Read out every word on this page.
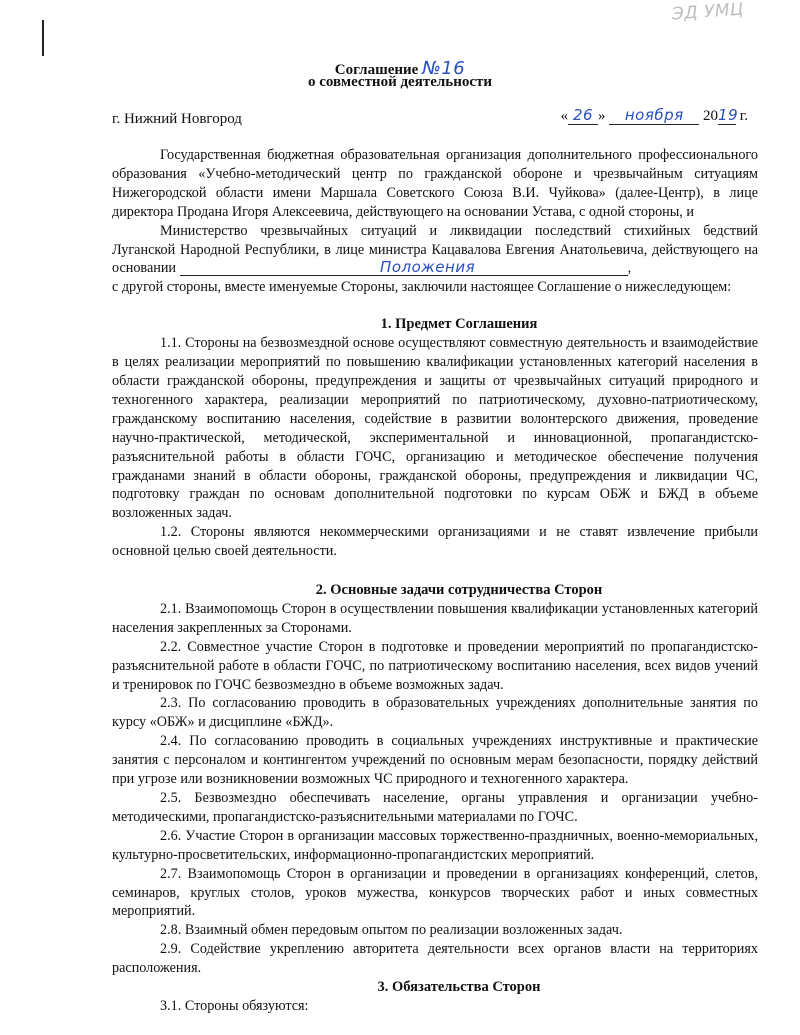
ЭД УМЦ
Соглашение №16
о совместной деятельности
г. Нижний Новгород	« 26 » ноября 2019 г.

Государственная бюджетная образовательная организация дополнительного профессионального образования «Учебно-методический центр по гражданской обороне и чрезвычайным ситуациям Нижегородской области имени Маршала Советского Союза В.И. Чуйкова» (далее-Центр), в лице директора Продана Игоря Алексеевича, действующего на основании Устава, с одной стороны, и

Министерство чрезвычайных ситуаций и ликвидации последствий стихийных бедствий Луганской Народной Республики, в лице министра Кацавалова Евгения Анатольевича, действующего на основании	Положения	,

с другой стороны, вместе именуемые Стороны, заключили настоящее Соглашение о нижеследующем:

1. Предмет Соглашения

1.1. Стороны на безвозмездной основе осуществляют совместную деятельность и взаимодействие в целях реализации мероприятий по повышению квалификации установленных категорий населения в области гражданской обороны, предупреждения и защиты от чрезвычайных ситуаций природного и техногенного характера, реализации мероприятий по патриотическому, духовно-патриотическому, гражданскому воспитанию населения, содействие в развитии волонтерского движения, проведение научно-практической, методической, экспериментальной и инновационной, пропагандистско-разъяснительной работы в области ГОЧС, организацию и методическое обеспечение получения гражданами знаний в области обороны, гражданской обороны, предупреждения и ликвидации ЧС, подготовку граждан по основам дополнительной подготовки по курсам ОБЖ и БЖД в объеме возложенных задач.

1.2. Стороны являются некоммерческими организациями и не ставят извлечение прибыли основной целью своей деятельности.

2. Основные задачи сотрудничества Сторон

2.1. Взаимопомощь Сторон в осуществлении повышения квалификации установленных категорий населения закрепленных за Сторонами.

2.2. Совместное участие Сторон в подготовке и проведении мероприятий по пропагандистско-разъяснительной работе в области ГОЧС, по патриотическому воспитанию населения, всех видов учений и тренировок по ГОЧС безвозмездно в объеме возможных задач.

2.3. По согласованию проводить в образовательных учреждениях дополнительные занятия по курсу «ОБЖ» и дисциплине «БЖД».

2.4. По согласованию проводить в социальных учреждениях инструктивные и практические занятия с персоналом и контингентом учреждений по основным мерам безопасности, порядку действий при угрозе или возникновении возможных ЧС природного и техногенного характера.

2.5. Безвозмездно обеспечивать население, органы управления и организации учебно-методическими, пропагандистско-разъяснительными материалами по ГОЧС.

2.6. Участие Сторон в организации массовых торжественно-праздничных, военно-мемориальных, культурно-просветительских, информационно-пропагандистских мероприятий.

2.7. Взаимопомощь Сторон в организации и проведении в организациях конференций, слетов, семинаров, круглых столов, уроков мужества, конкурсов творческих работ и иных совместных мероприятий.

2.8. Взаимный обмен передовым опытом по реализации возложенных задач.

2.9. Содействие укреплению авторитета деятельности всех органов власти на территориях расположения.

3. Обязательства Сторон

3.1. Стороны обязуются:
